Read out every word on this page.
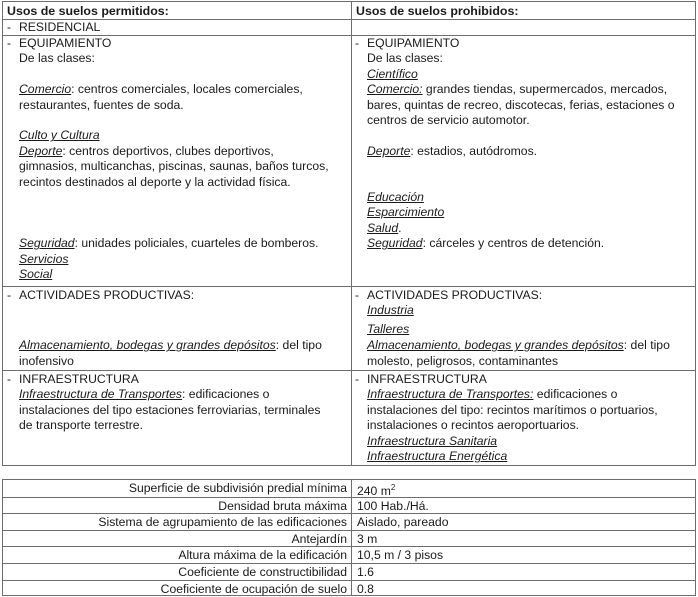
Usos de suelos permitidos:	Usos de suelos prohibidos:
- RESIDENCIAL
- EQUIPAMIENTO
De las clases:

Comercio: centros comerciales, locales comerciales,
restaurantes, fuentes de soda.

Culto y Cultura
Deporte: centros deportivos, clubes deportivos,
gimnasios, multicanchas, piscinas, saunas, baños turcos,
recintos destinados al deporte y la actividad física.

Seguridad: unidades policiales, cuarteles de bomberos.
Servicios
Social
- EQUIPAMIENTO
De las clases:
Científico
Comercio: grandes tiendas, supermercados, mercados,
bares, quintas de recreo, discotecas, ferias, estaciones o
centros de servicio automotor.

Deporte: estadios, autódromos.

Educación
Esparcimiento
Salud.
Seguridad: cárceles y centros de detención.
- ACTIVIDADES PRODUCTIVAS:

Almacenamiento, bodegas y grandes depósitos: del tipo
inofensivo
- ACTIVIDADES PRODUCTIVAS:
Industria
Talleres
Almacenamiento, bodegas y grandes depósitos: del tipo
molesto, peligrosos, contaminantes
- INFRAESTRUCTURA
Infraestructura de Transportes: edificaciones o
instalaciones del tipo estaciones ferroviarias, terminales
de transporte terrestre.
- INFRAESTRUCTURA
Infraestructura de Transportes: edificaciones o
instalaciones del tipo: recintos marítimos o portuarios,
instalaciones o recintos aeroportuarios.
Infraestructura Sanitaria
Infraestructura Energética
Superficie de subdivisión predial mínima 240 $m^2$
Densidad bruta máxima 100 Hab./Há.
Sistema de agrupamiento de las edificaciones Aislado, pareado
Antejardín 3 m
Altura máxima de la edificación 10,5 m / 3 pisos
Coeficiente de constructibilidad 1.6
Coeficiente de ocupación de suelo 0.8
